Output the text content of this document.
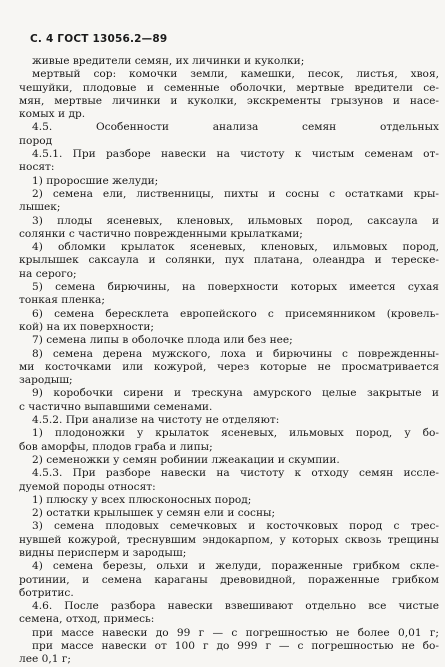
С. 4 ГОСТ 13056.2—89
живые вредители семян, их личинки и куколки;
мертвый сор: комочки земли, камешки, песок, листья, хвоя,
чешуйки, плодовые и семенные оболочки, мертвые вредители се-
мян, мертвые личинки и куколки, экскременты грызунов и насе-
комых и др.
4.5. Особенности анализа семян отдельных
пород
4.5.1. При разборе навески на чистоту к чистым семенам от-
носят:
1) проросшие желуди;
2) семена ели, лиственницы, пихты и сосны с остатками кры-
лышек;
3) плоды ясеневых, кленовых, ильмовых пород, саксаула и
солянки с частично поврежденными крылатками;
4) обломки крылаток ясеневых, кленовых, ильмовых пород,
крылышек саксаула и солянки, пух платана, олеандра и тереске-
на серого;
5) семена бирючины, на поверхности которых имеется сухая
тонкая пленка;
6) семена бересклета европейского с присемянником (кровель-
кой) на их поверхности;
7) семена липы в оболочке плода или без нее;
8) семена дерена мужского, лоха и бирючины с поврежденны-
ми косточками или кожурой, через которые не просматривается
зародыш;
9) коробочки сирени и трескуна амурского целые закрытые и
с частично выпавшими семенами.
4.5.2. При анализе на чистоту не отделяют:
1) плодоножки у крылаток ясеневых, ильмовых пород, у бо-
бов аморфы, плодов граба и липы;
2) семеножки у семян робинии лжеакации и скумпии.
4.5.3. При разборе навески на чистоту к отходу семян иссле-
дуемой породы относят:
1) плюску у всех плюсконосных пород;
2) остатки крылышек у семян ели и сосны;
3) семена плодовых семечковых и косточковых пород с трес-
нувшей кожурой, треснувшим эндокарпом, у которых сквозь трещины
видны перисперм и зародыш;
4) семена березы, ольхи и желуди, пораженные грибком скле-
ротинии, и семена караганы древовидной, пораженные грибком
ботритис.
4.6. После разбора навески взвешивают отдельно все чистые
семена, отход, примесь:
при массе навески до 99 г — с погрешностью не более 0,01 г;
при массе навески от 100 г до 999 г — с погрешностью не бо-
лее 0,1 г;
